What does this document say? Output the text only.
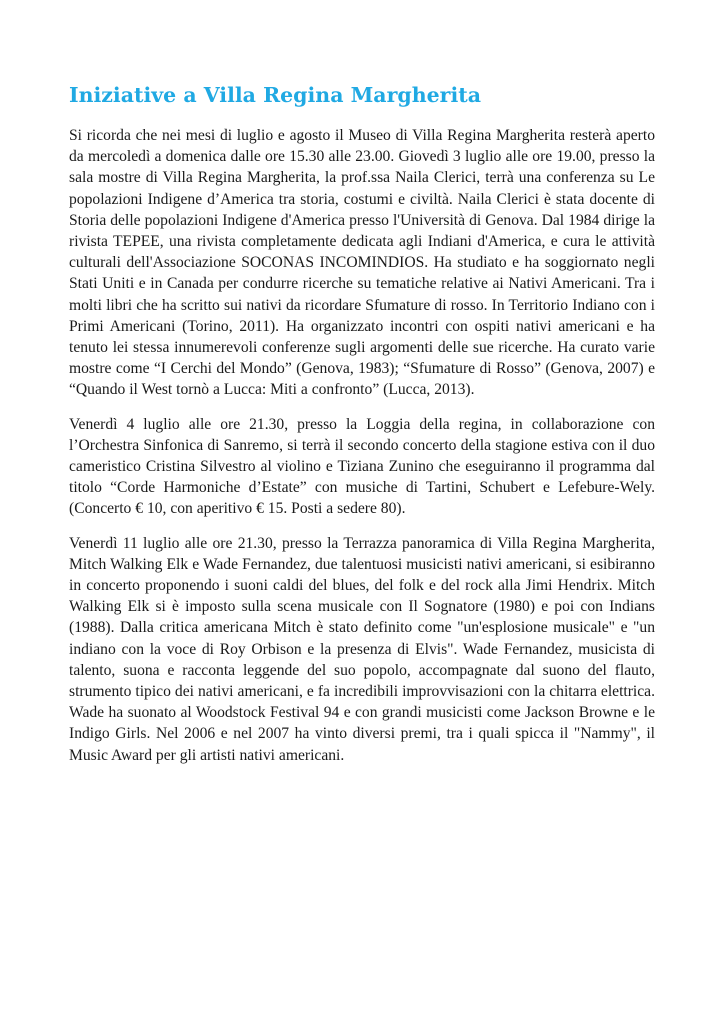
Iniziative a Villa Regina Margherita

Si ricorda che nei mesi di luglio e agosto il Museo di Villa Regina Margherita resterà aperto da mercoledì a domenica dalle ore 15.30 alle 23.00. Giovedì 3 luglio alle ore 19.00, presso la sala mostre di Villa Regina Margherita, la prof.ssa Naila Clerici, terrà una conferenza su Le popolazioni Indigene d’America tra storia, costumi e civiltà. Naila Clerici è stata docente di Storia delle popolazioni Indigene d'America presso l'Università di Genova. Dal 1984 dirige la rivista TEPEE, una rivista completamente dedicata agli Indiani d'America, e cura le attività culturali dell'Associazione SOCONAS INCOMINDIOS. Ha studiato e ha soggiornato negli Stati Uniti e in Canada per condurre ricerche su tematiche relative ai Nativi Americani. Tra i molti libri che ha scritto sui nativi da ricordare Sfumature di rosso. In Territorio Indiano con i Primi Americani (Torino, 2011). Ha organizzato incontri con ospiti nativi americani e ha tenuto lei stessa innumerevoli conferenze sugli argomenti delle sue ricerche. Ha curato varie mostre come “I Cerchi del Mondo” (Genova, 1983); “Sfumature di Rosso” (Genova, 2007) e “Quando il West tornò a Lucca: Miti a confronto” (Lucca, 2013).

Venerdì 4 luglio alle ore 21.30, presso la Loggia della regina, in collaborazione con l’Orchestra Sinfonica di Sanremo, si terrà il secondo concerto della stagione estiva con il duo cameristico Cristina Silvestro al violino e Tiziana Zunino che eseguiranno il programma dal titolo “Corde Harmoniche d’Estate” con musiche di Tartini, Schubert e Lefebure-Wely. (Concerto € 10, con aperitivo € 15. Posti a sedere 80).

Venerdì 11 luglio alle ore 21.30, presso la Terrazza panoramica di Villa Regina Margherita, Mitch Walking Elk e Wade Fernandez, due talentuosi musicisti nativi americani, si esibiranno in concerto proponendo i suoni caldi del blues, del folk e del rock alla Jimi Hendrix. Mitch Walking Elk si è imposto sulla scena musicale con Il Sognatore (1980) e poi con Indians (1988). Dalla critica americana Mitch è stato definito come "un'esplosione musicale" e "un indiano con la voce di Roy Orbison e la presenza di Elvis". Wade Fernandez, musicista di talento, suona e racconta leggende del suo popolo, accompagnate dal suono del flauto, strumento tipico dei nativi americani, e fa incredibili improvvisazioni con la chitarra elettrica. Wade ha suonato al Woodstock Festival 94 e con grandi musicisti come Jackson Browne e le Indigo Girls. Nel 2006 e nel 2007 ha vinto diversi premi, tra i quali spicca il "Nammy", il Music Award per gli artisti nativi americani.
